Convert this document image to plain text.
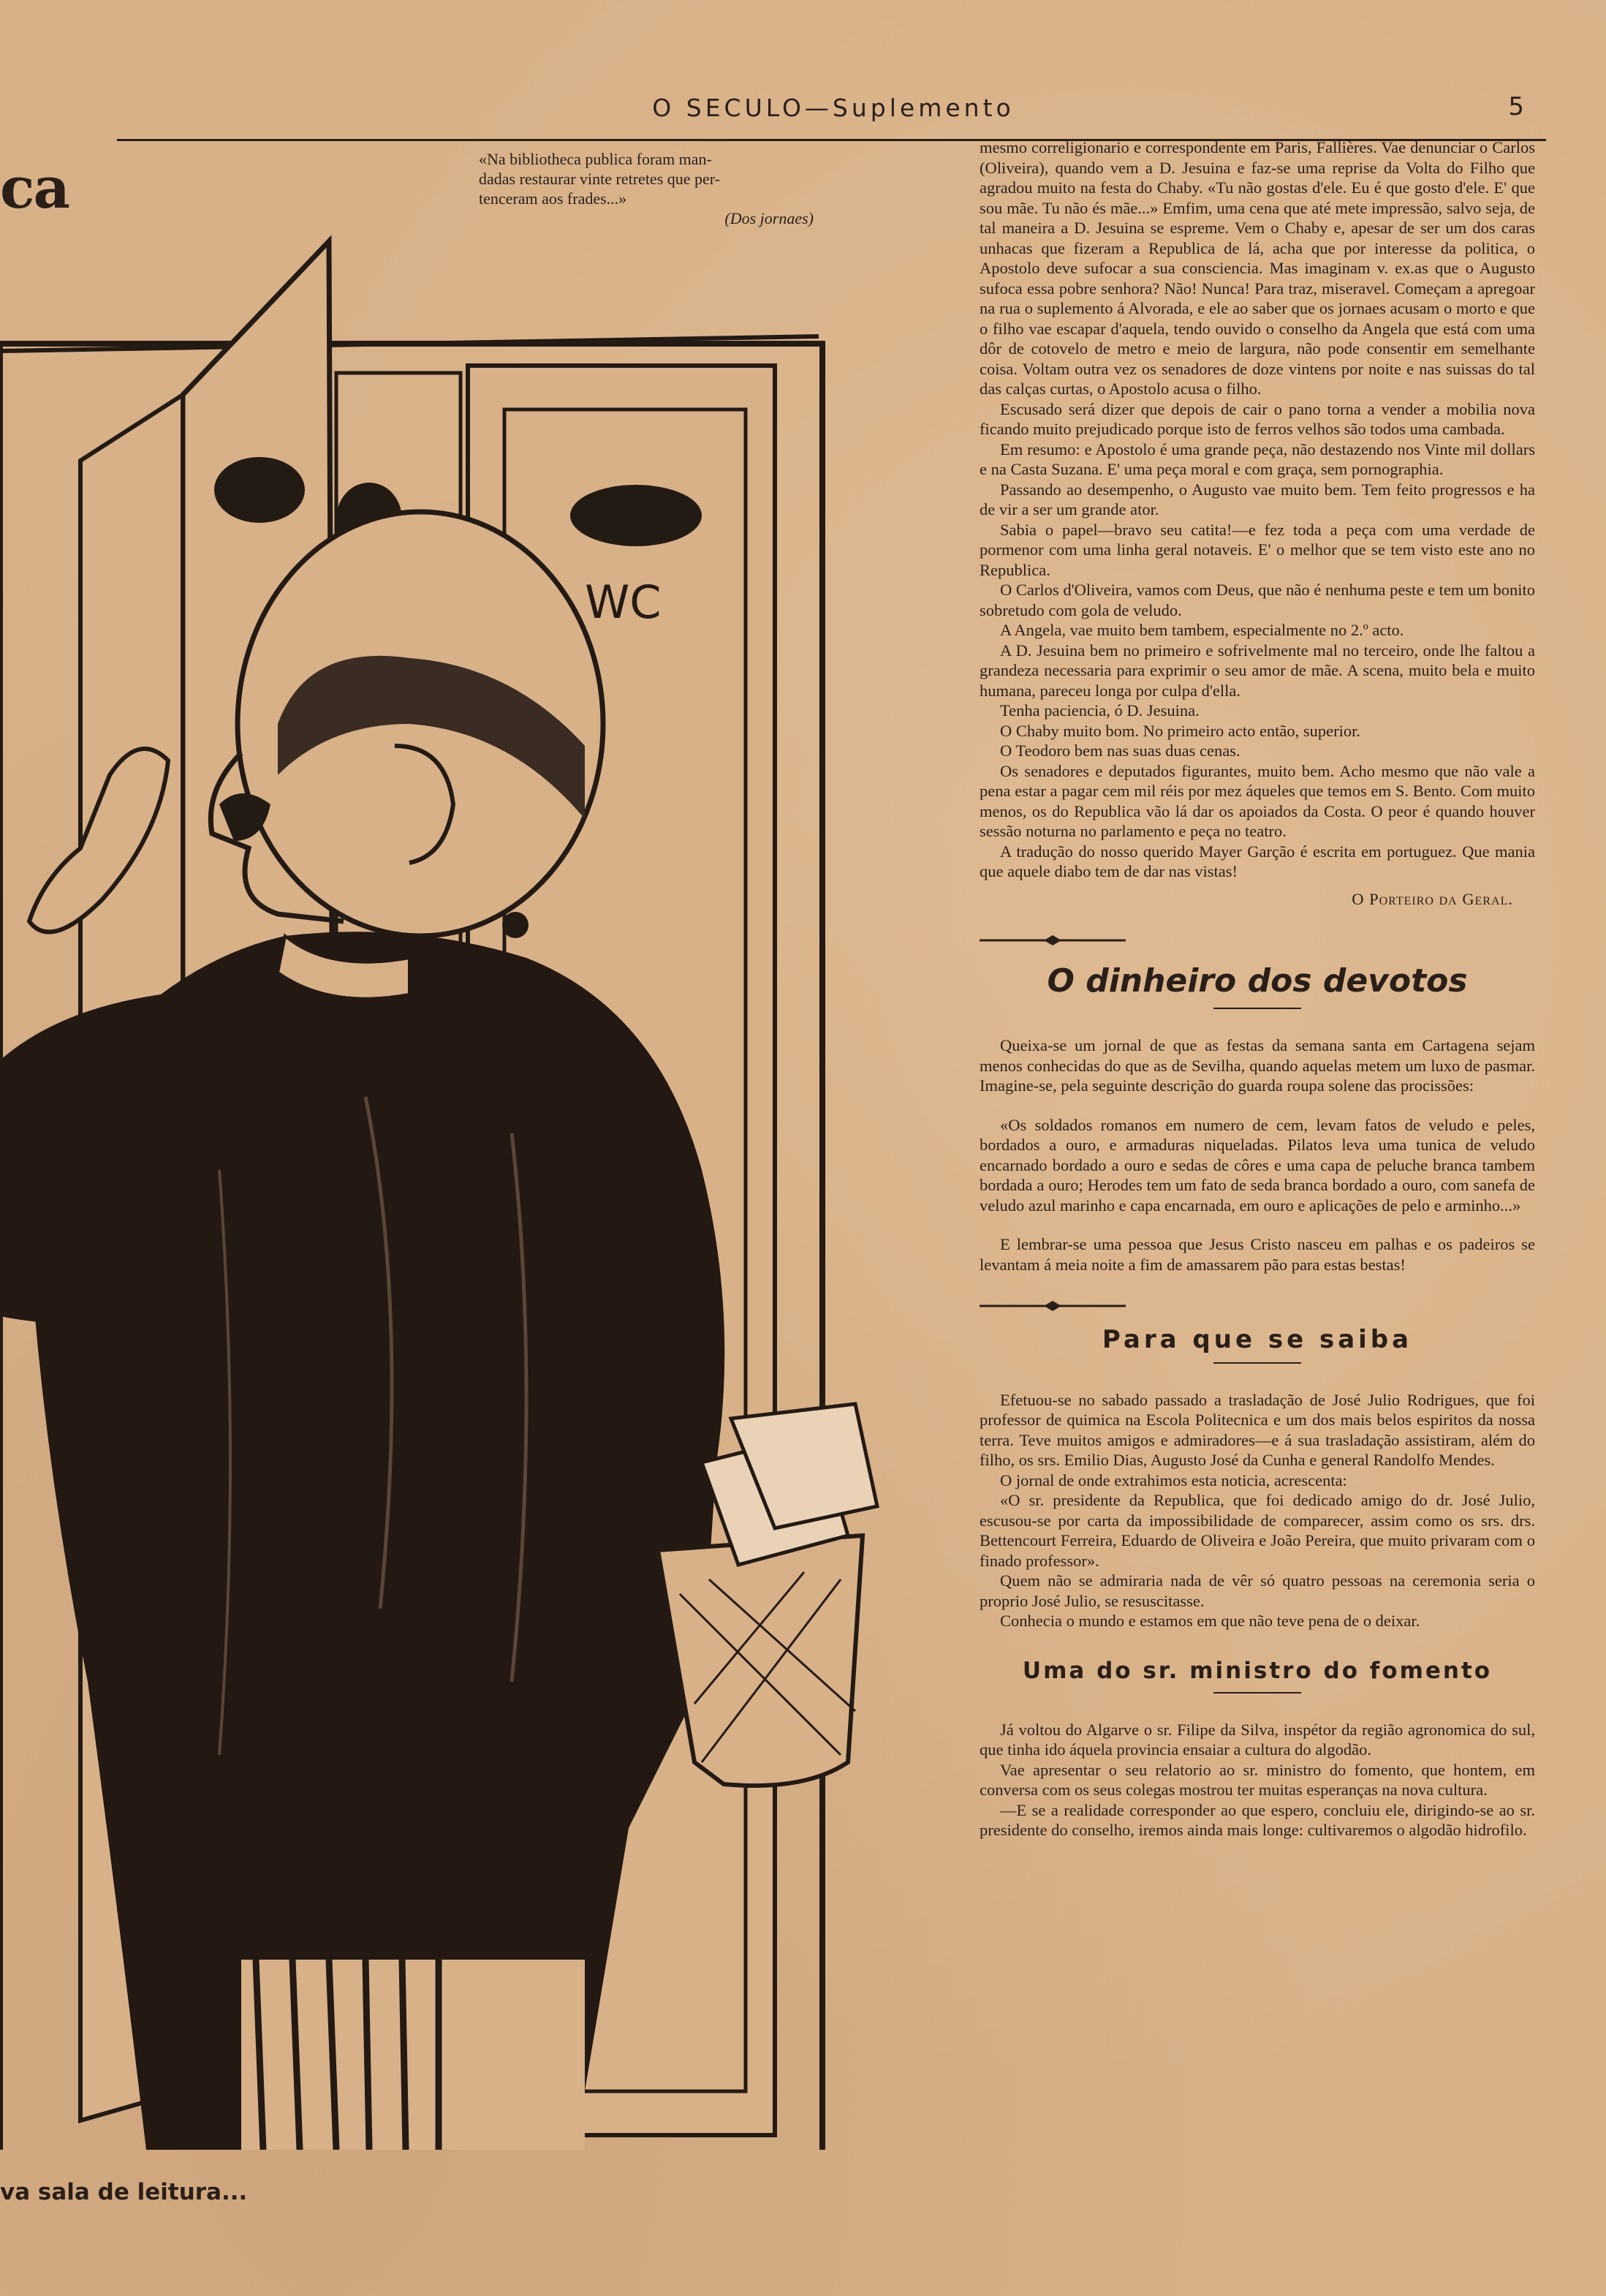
O SECULO—Suplemento	5
ca	«Na bibliotheca publica foram man-
dadas restaurar vinte retretes que per-
tenceram aos frades...»
(Dos jornaes)
WC
va sala de leitura...

mesmo correligionario e correspondente em Paris, Fallières. Vae denunciar o Carlos (Oliveira), quando vem a D. Jesuina e faz-se uma reprise da Volta do Filho que agradou muito na festa do Chaby. «Tu não gostas d'ele. Eu é que gosto d'ele. E' que sou mãe. Tu não és mãe...» Emfim, uma cena que até mete impressão, salvo seja, de tal maneira a D. Jesuina se espreme. Vem o Chaby e, apesar de ser um dos caras unhacas que fizeram a Republica de lá, acha que por interesse da politica, o Apostolo deve sufocar a sua consciencia. Mas imaginam v. ex.as que o Augusto sufoca essa pobre senhora? Não! Nunca! Para traz, miseravel. Começam a apregoar na rua o suplemento á Alvorada, e ele ao saber que os jornaes acusam o morto e que o filho vae escapar d'aquela, tendo ouvido o conselho da Angela que está com uma dôr de cotovelo de metro e meio de largura, não pode consentir em semelhante coisa. Voltam outra vez os senadores de doze vintens por noite e nas suissas do tal das calças curtas, o Apostolo acusa o filho.

Escusado será dizer que depois de cair o pano torna a vender a mobilia nova ficando muito prejudicado porque isto de ferros velhos são todos uma cambada.

Em resumo: e Apostolo é uma grande peça, não destazendo nos Vinte mil dollars e na Casta Suzana. E' uma peça moral e com graça, sem pornographia.

Passando ao desempenho, o Augusto vae muito bem. Tem feito progressos e ha de vir a ser um grande ator.

Sabia o papel—bravo seu catita!—e fez toda a peça com uma verdade de pormenor com uma linha geral notaveis. E' o melhor que se tem visto este ano no Republica.

O Carlos d'Oliveira, vamos com Deus, que não é nenhuma peste e tem um bonito sobretudo com gola de veludo.

A Angela, vae muito bem tambem, especialmente no 2.º acto.

A D. Jesuina bem no primeiro e sofrivelmente mal no terceiro, onde lhe faltou a grandeza necessaria para exprimir o seu amor de mãe. A scena, muito bela e muito humana, pareceu longa por culpa d'ella.

Tenha paciencia, ó D. Jesuina.

O Chaby muito bom. No primeiro acto então, superior.

O Teodoro bem nas suas duas cenas.

Os senadores e deputados figurantes, muito bem. Acho mesmo que não vale a pena estar a pagar cem mil réis por mez áqueles que temos em S. Bento. Com muito menos, os do Republica vão lá dar os apoiados da Costa. O peor é quando houver sessão noturna no parlamento e peça no teatro.

A tradução do nosso querido Mayer Garção é escrita em portuguez. Que mania que aquele diabo tem de dar nas vistas!

O Porteiro da Geral.

O dinheiro dos devotos

Queixa-se um jornal de que as festas da semana santa em Cartagena sejam menos conhecidas do que as de Sevilha, quando aquelas metem um luxo de pasmar. Imagine-se, pela seguinte descrição do guarda roupa solene das procissões:

«Os soldados romanos em numero de cem, levam fatos de veludo e peles, bordados a ouro, e armaduras niqueladas. Pilatos leva uma tunica de veludo encarnado bordado a ouro e sedas de côres e uma capa de peluche branca tambem bordada a ouro; Herodes tem um fato de seda branca bordado a ouro, com sanefa de veludo azul marinho e capa encarnada, em ouro e aplicações de pelo e arminho...»

E lembrar-se uma pessoa que Jesus Cristo nasceu em palhas e os padeiros se levantam á meia noite a fim de amassarem pão para estas bestas!

Para que se saiba

Efetuou-se no sabado passado a trasladação de José Julio Rodrigues, que foi professor de quimica na Escola Politecnica e um dos mais belos espiritos da nossa terra. Teve muitos amigos e admiradores—e á sua trasladação assistiram, além do filho, os srs. Emilio Dias, Augusto José da Cunha e general Randolfo Mendes.

O jornal de onde extrahimos esta noticia, acrescenta:

«O sr. presidente da Republica, que foi dedicado amigo do dr. José Julio, escusou-se por carta da impossibilidade de comparecer, assim como os srs. drs. Bettencourt Ferreira, Eduardo de Oliveira e João Pereira, que muito privaram com o finado professor».

Quem não se admiraria nada de vêr só quatro pessoas na ceremonia seria o proprio José Julio, se resuscitasse.

Conhecia o mundo e estamos em que não teve pena de o deixar.

Uma do sr. ministro do fomento

Já voltou do Algarve o sr. Filipe da Silva, inspétor da região agronomica do sul, que tinha ido áquela provincia ensaiar a cultura do algodão.

Vae apresentar o seu relatorio ao sr. ministro do fomento, que hontem, em conversa com os seus colegas mostrou ter muitas esperanças na nova cultura.

—E se a realidade corresponder ao que espero, concluiu ele, dirigindo-se ao sr. presidente do conselho, iremos ainda mais longe: cultivaremos o algodão hidrofilo.
